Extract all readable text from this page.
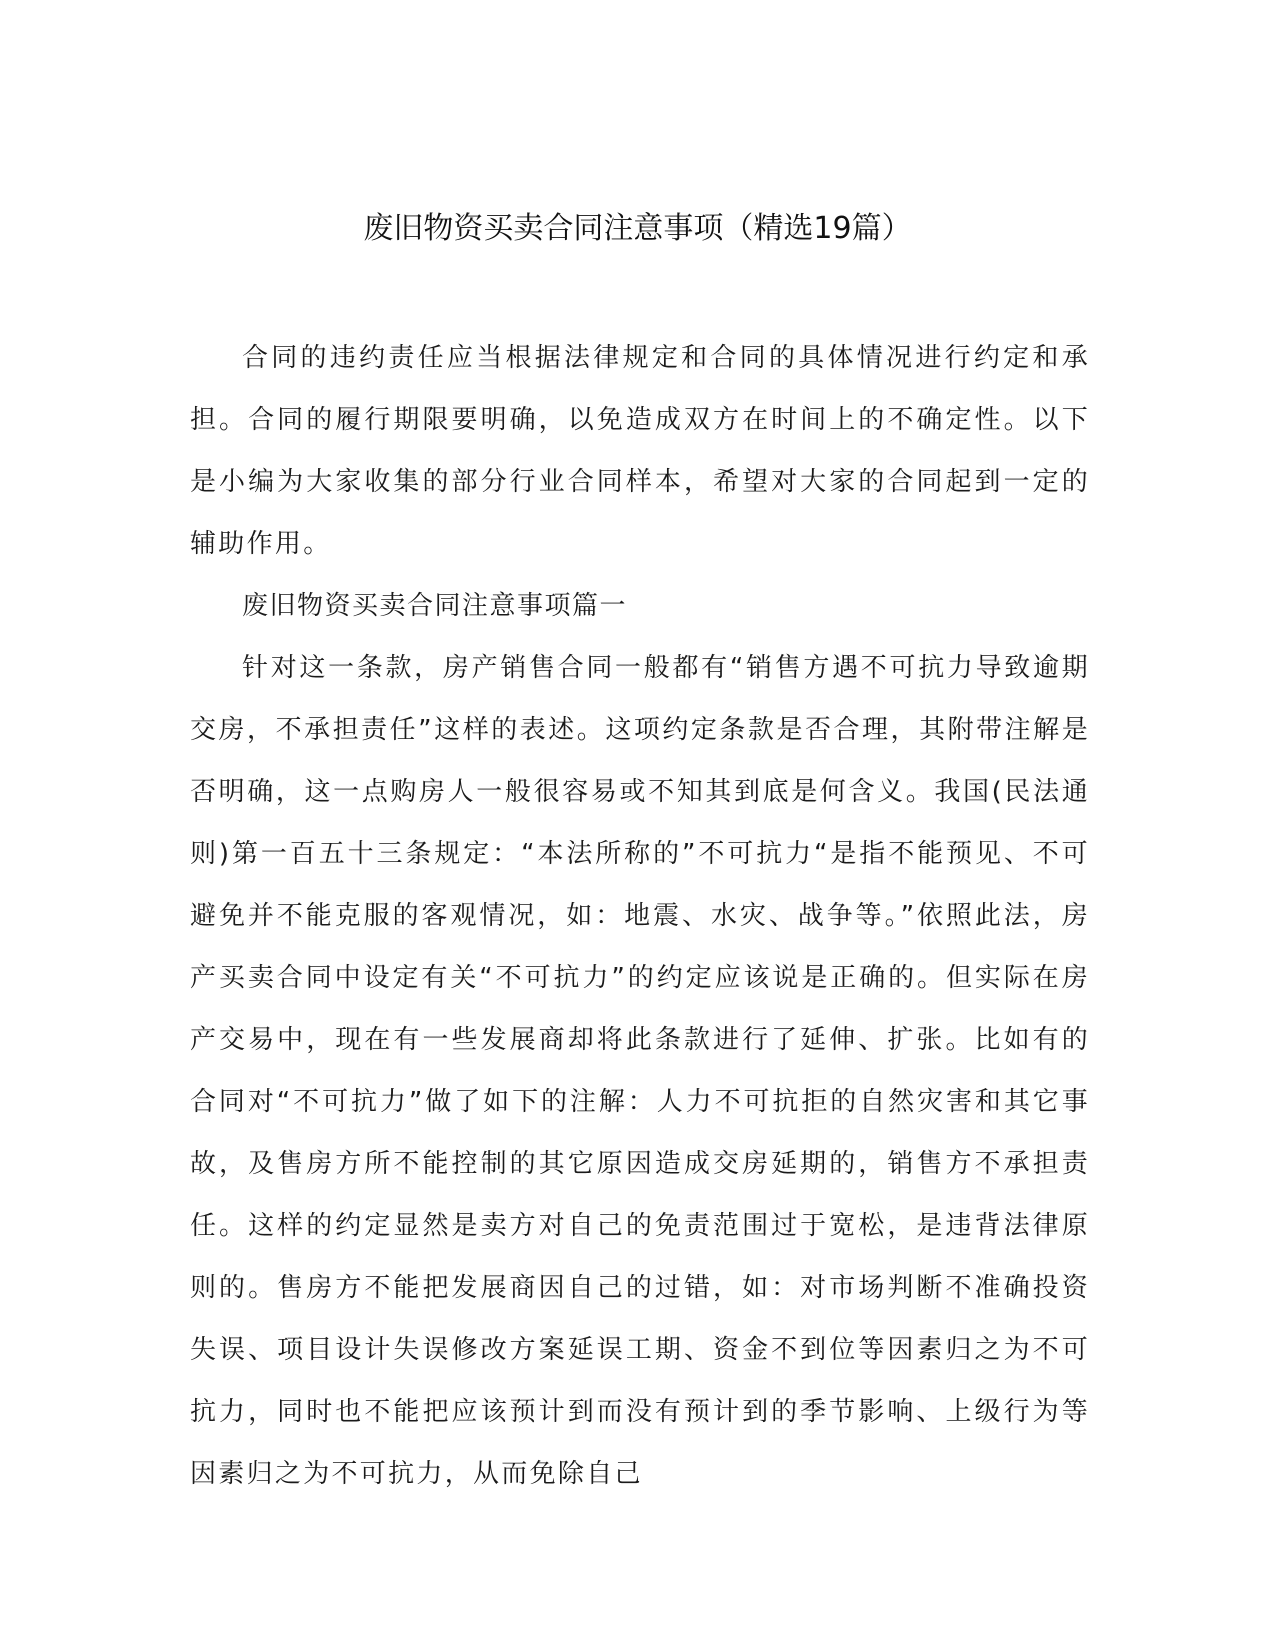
废旧物资买卖合同注意事项（精选19篇）

合同的违约责任应当根据法律规定和合同的具体情况进行约定和承担。合同的履行期限要明确，以免造成双方在时间上的不确定性。以下是小编为大家收集的部分行业合同样本，希望对大家的合同起到一定的辅助作用。

废旧物资买卖合同注意事项篇一

针对这一条款，房产销售合同一般都有“销售方遇不可抗力导致逾期交房，不承担责任”这样的表述。这项约定条款是否合理，其附带注解是否明确，这一点购房人一般很容易或不知其到底是何含义。我国(民法通则)第一百五十三条规定：“本法所称的”不可抗力“是指不能预见、不可避免并不能克服的客观情况，如：地震、水灾、战争等。”依照此法，房产买卖合同中设定有关“不可抗力”的约定应该说是正确的。但实际在房产交易中，现在有一些发展商却将此条款进行了延伸、扩张。比如有的合同对“不可抗力”做了如下的注解：人力不可抗拒的自然灾害和其它事故，及售房方所不能控制的其它原因造成交房延期的，销售方不承担责任。这样的约定显然是卖方对自己的免责范围过于宽松，是违背法律原则的。售房方不能把发展商因自己的过错，如：对市场判断不准确投资失误、项目设计失误修改方案延误工期、资金不到位等因素归之为不可抗力，同时也不能把应该预计到而没有预计到的季节影响、上级行为等因素归之为不可抗力，从而免除自己
